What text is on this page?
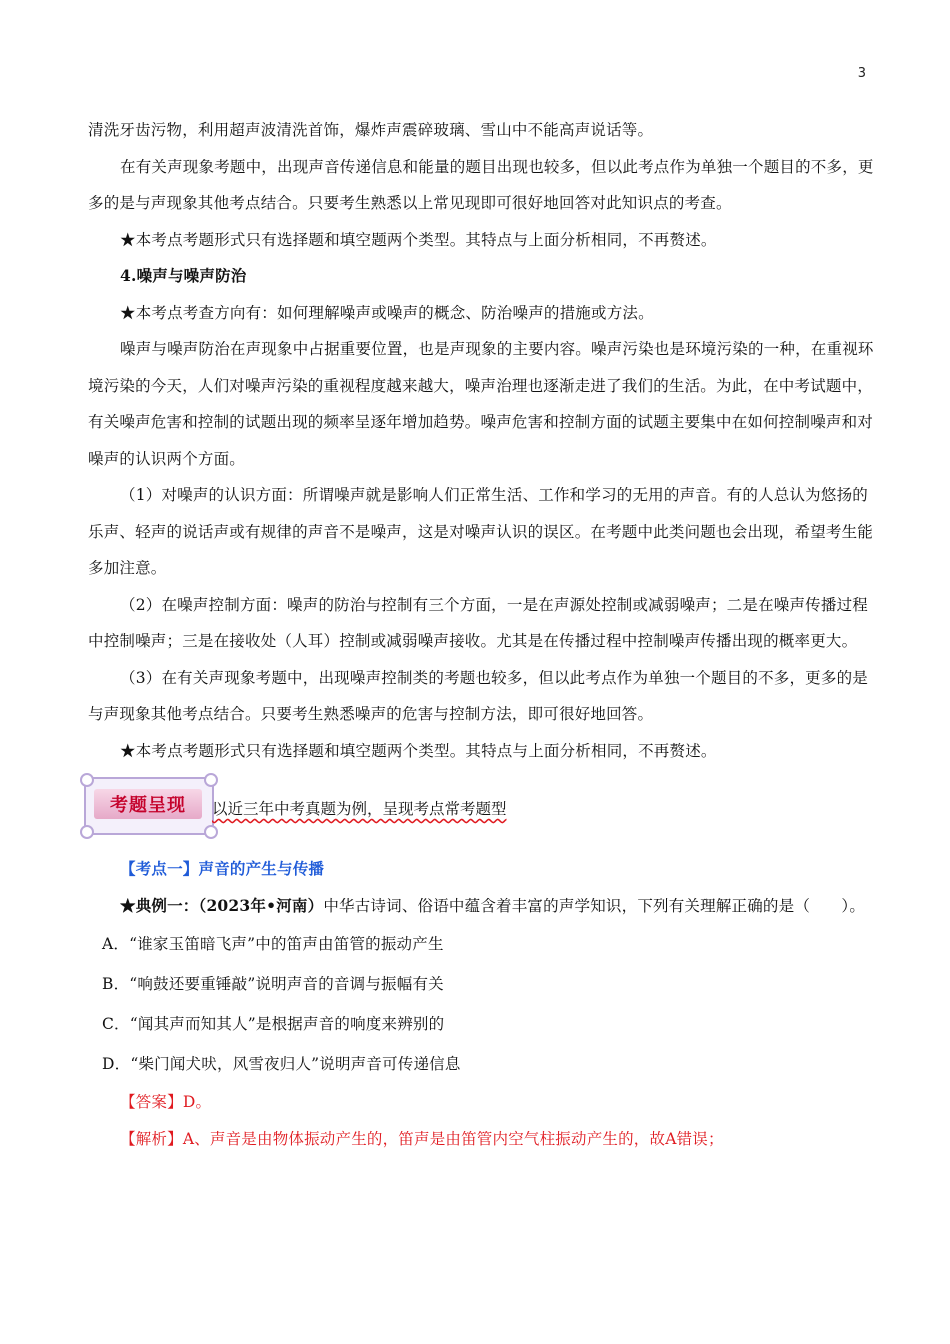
3

清洗牙齿污物，利用超声波清洗首饰，爆炸声震碎玻璃、雪山中不能高声说话等。

在有关声现象考题中，出现声音传递信息和能量的题目出现也较多，但以此考点作为单独一个题目的不多，更多的是与声现象其他考点结合。只要考生熟悉以上常见现即可很好地回答对此知识点的考查。

★本考点考题形式只有选择题和填空题两个类型。其特点与上面分析相同，不再赘述。

4.噪声与噪声防治

★本考点考查方向有：如何理解噪声或噪声的概念、防治噪声的措施或方法。

噪声与噪声防治在声现象中占据重要位置，也是声现象的主要内容。噪声污染也是环境污染的一种，在重视环境污染的今天，人们对噪声污染的重视程度越来越大，噪声治理也逐渐走进了我们的生活。为此，在中考试题中，有关噪声危害和控制的试题出现的频率呈逐年增加趋势。噪声危害和控制方面的试题主要集中在如何控制噪声和对噪声的认识两个方面。

（1）对噪声的认识方面：所谓噪声就是影响人们正常生活、工作和学习的无用的声音。有的人总认为悠扬的乐声、轻声的说话声或有规律的声音不是噪声，这是对噪声认识的误区。在考题中此类问题也会出现，希望考生能多加注意。

（2）在噪声控制方面：噪声的防治与控制有三个方面，一是在声源处控制或减弱噪声；二是在噪声传播过程中控制噪声；三是在接收处（人耳）控制或减弱噪声接收。尤其是在传播过程中控制噪声传播出现的概率更大。

（3）在有关声现象考题中，出现噪声控制类的考题也较多，但以此考点作为单独一个题目的不多，更多的是与声现象其他考点结合。只要考生熟悉噪声的危害与控制方法，即可很好地回答。

★本考点考题形式只有选择题和填空题两个类型。其特点与上面分析相同，不再赘述。

考题呈现	以近三年中考真题为例，呈现考点常考题型

【考点一】声音的产生与传播

★典例一：（2023年•河南）中华古诗词、俗语中蕴含着丰富的声学知识，下列有关理解正确的是（　　）。

A．“谁家玉笛暗飞声”中的笛声由笛管的振动产生

B．“响鼓还要重锤敲”说明声音的音调与振幅有关

C．“闻其声而知其人”是根据声音的响度来辨别的

D．“柴门闻犬吠，风雪夜归人”说明声音可传递信息

【答案】D。

【解析】A、声音是由物体振动产生的，笛声是由笛管内空气柱振动产生的，故A错误；
